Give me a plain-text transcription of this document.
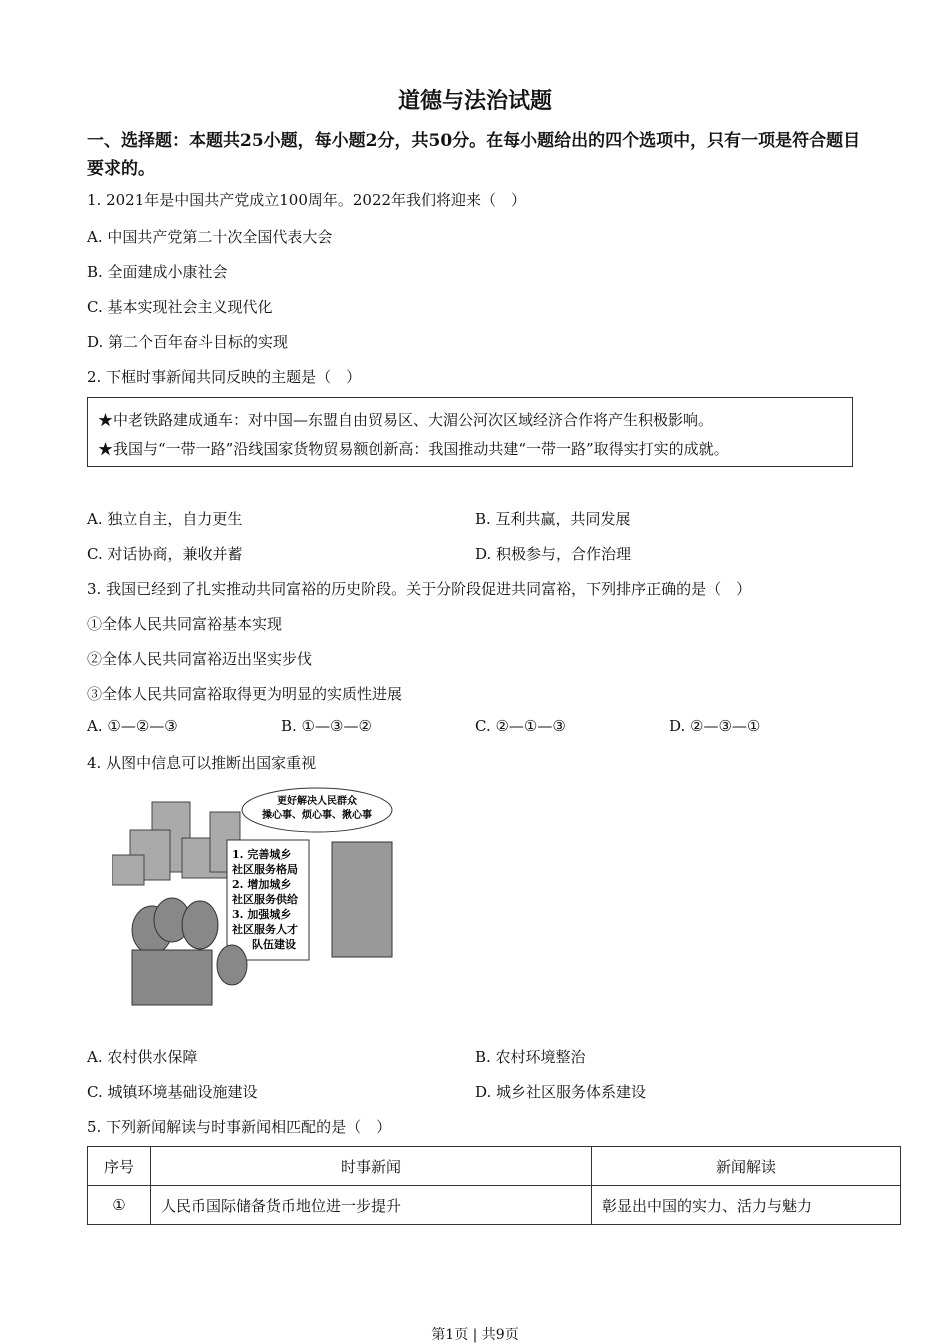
道德与法治试题
一、选择题：本题共25小题，每小题2分，共50分。在每小题给出的四个选项中，只有一项是符合题目要求的。
1. 2021年是中国共产党成立100周年。2022年我们将迎来（　）
A. 中国共产党第二十次全国代表大会
B. 全面建成小康社会
C. 基本实现社会主义现代化
D. 第二个百年奋斗目标的实现
2. 下框时事新闻共同反映的主题是（　）
★中老铁路建成通车：对中国—东盟自由贸易区、大湄公河次区域经济合作将产生积极影响。
★我国与“一带一路”沿线国家货物贸易额创新高：我国推动共建“一带一路”取得实打实的成就。
A. 独立自主，自力更生	B. 互利共赢，共同发展
C. 对话协商，兼收并蓄	D. 积极参与，合作治理
3. 我国已经到了扎实推动共同富裕的历史阶段。关于分阶段促进共同富裕，下列排序正确的是（　）
①全体人民共同富裕基本实现
②全体人民共同富裕迈出坚实步伐
③全体人民共同富裕取得更为明显的实质性进展
A. ①—②—③	B. ①—③—②	C. ②—①—③	D. ②—③—①
4. 从图中信息可以推断出国家重视
更好解决人民群众
操心事、烦心事、揪心事
1. 完善城乡
社区服务格局
2. 增加城乡
社区服务供给
3. 加强城乡
社区服务人才
队伍建设
A. 农村供水保障	B. 农村环境整治
C. 城镇环境基础设施建设	D. 城乡社区服务体系建设
5. 下列新闻解读与时事新闻相匹配的是（　）
序号	时事新闻	新闻解读
①	人民币国际储备货币地位进一步提升	彰显出中国的实力、活力与魅力
第1页 | 共9页
